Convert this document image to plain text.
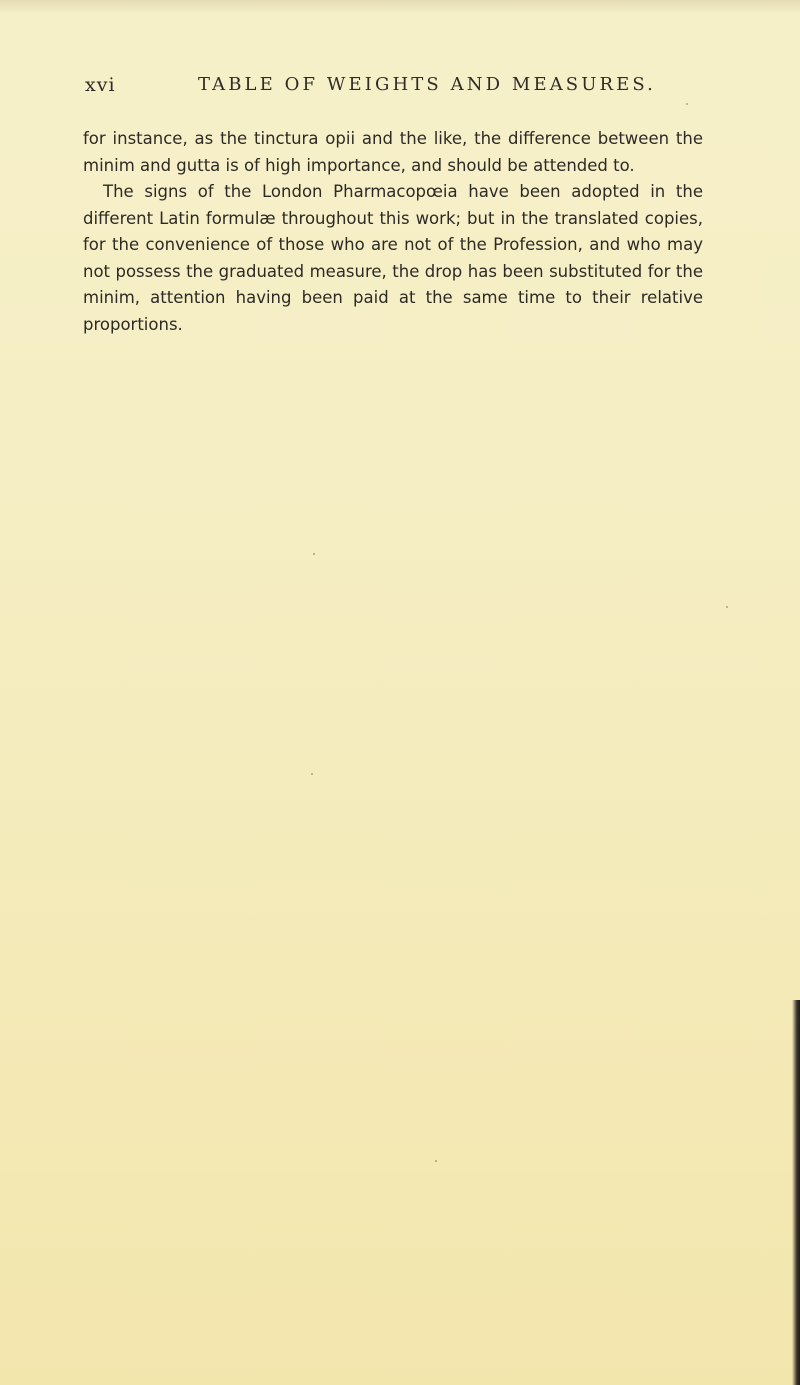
xvi	TABLE OF WEIGHTS AND MEASURES.

for instance, as the tinctura opii and the like, the difference between the minim and gutta is of high importance, and should be attended to.

The signs of the London Pharmacopœia have been adopted in the different Latin formulæ throughout this work; but in the translated copies, for the convenience of those who are not of the Profession, and who may not possess the graduated measure, the drop has been substituted for the minim, attention having been paid at the same time to their relative proportions.
